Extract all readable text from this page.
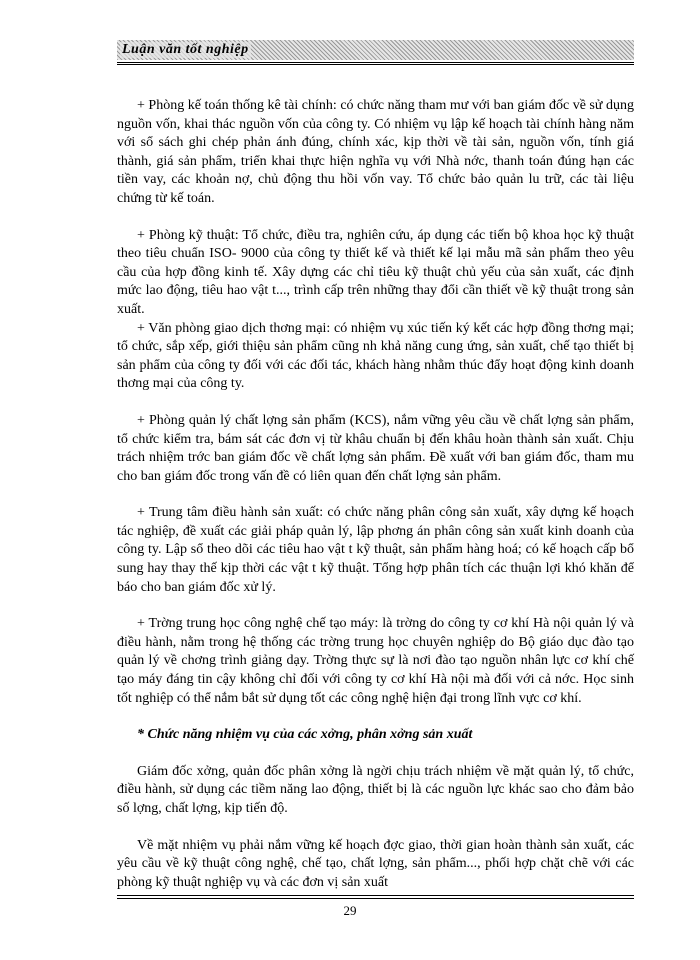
Luận văn tốt nghiệp

+ Phòng kế toán thống kê tài chính: có chức năng tham mư với ban giám đốc về sử dụng nguồn vốn, khai thác nguồn vốn của công ty. Có nhiệm vụ lập kế hoạch tài chính hàng năm với sổ sách ghi chép phản ánh đúng, chính xác, kịp thời về tài sản, nguồn vốn, tính giá thành, giá sản phẩm, triển khai thực hiện nghĩa vụ với Nhà nớc, thanh toán đúng hạn các tiền vay, các khoản nợ, chủ động thu hồi vốn vay. Tổ chức bảo quản lu trữ, các tài liệu chứng từ kế toán.

+ Phòng kỹ thuật: Tổ chức, điều tra, nghiên cứu, áp dụng các tiến bộ khoa học kỹ thuật theo tiêu chuẩn ISO- 9000 của công ty thiết kế và thiết kế lại mẫu mã sản phẩm theo yêu cầu của hợp đồng kinh tế. Xây dựng các chỉ tiêu kỹ thuật chủ yếu của sản xuất, các định mức lao động, tiêu hao vật t..., trình cấp trên những thay đổi cần thiết về kỹ thuật trong sản xuất.

+ Văn phòng giao dịch thơng mại: có nhiệm vụ xúc tiến ký kết các hợp đồng thơng mại; tổ chức, sắp xếp, giới thiệu sản phẩm cũng nh khả năng cung ứng, sản xuất, chế tạo thiết bị sản phẩm của công ty đối với các đối tác, khách hàng nhằm thúc đẩy hoạt động kinh doanh thơng mại của công ty.

+ Phòng quản lý chất lợng sản phẩm (KCS), nắm vững yêu cầu về chất lợng sản phẩm, tổ chức kiểm tra, bám sát các đơn vị từ khâu chuẩn bị đến khâu hoàn thành sản xuất. Chịu trách nhiệm trớc ban giám đốc về chất lợng sản phẩm. Đề xuất với ban giám đốc, tham mu cho ban giám đốc trong vấn đề có liên quan đến chất lợng sản phẩm.

+ Trung tâm điều hành sản xuất: có chức năng phân công sản xuất, xây dựng kế hoạch tác nghiệp, đề xuất các giải pháp quản lý, lập phơng án phân công sản xuất kinh doanh của công ty. Lập sổ theo dõi các tiêu hao vật t kỹ thuật, sản phẩm hàng hoá; có kế hoạch cấp bổ sung hay thay thế kịp thời các vật t kỹ thuật. Tổng hợp phân tích các thuận lợi khó khăn để báo cho ban giám đốc xử lý.

+ Trờng trung học công nghệ chế tạo máy: là trờng do công ty cơ khí Hà nội quản lý và điều hành, nằm trong hệ thống các trờng trung học chuyên nghiệp do Bộ giáo dục đào tạo quản lý về chơng trình giảng dạy. Trờng thực sự là nơi đào tạo nguồn nhân lực cơ khí chế tạo máy đáng tin cậy không chỉ đối với công ty cơ khí Hà nội mà đối với cả nớc. Học sinh tốt nghiệp có thể nắm bắt sử dụng tốt các công nghệ hiện đại trong lĩnh vực cơ khí.

* Chức năng nhiệm vụ của các xởng, phân xởng sản xuất

Giám đốc xởng, quản đốc phân xởng là ngời chịu trách nhiệm về mặt quản lý, tổ chức, điều hành, sử dụng các tiềm năng lao động, thiết bị là các nguồn lực khác sao cho đảm bảo số lợng, chất lợng, kịp tiến độ.

Về mặt nhiệm vụ phải nắm vững kế hoạch đợc giao, thời gian hoàn thành sản xuất, các yêu cầu về kỹ thuật công nghệ, chế tạo, chất lợng, sản phẩm..., phối hợp chặt chẽ với các phòng kỹ thuật nghiệp vụ và các đơn vị sản xuất

29
